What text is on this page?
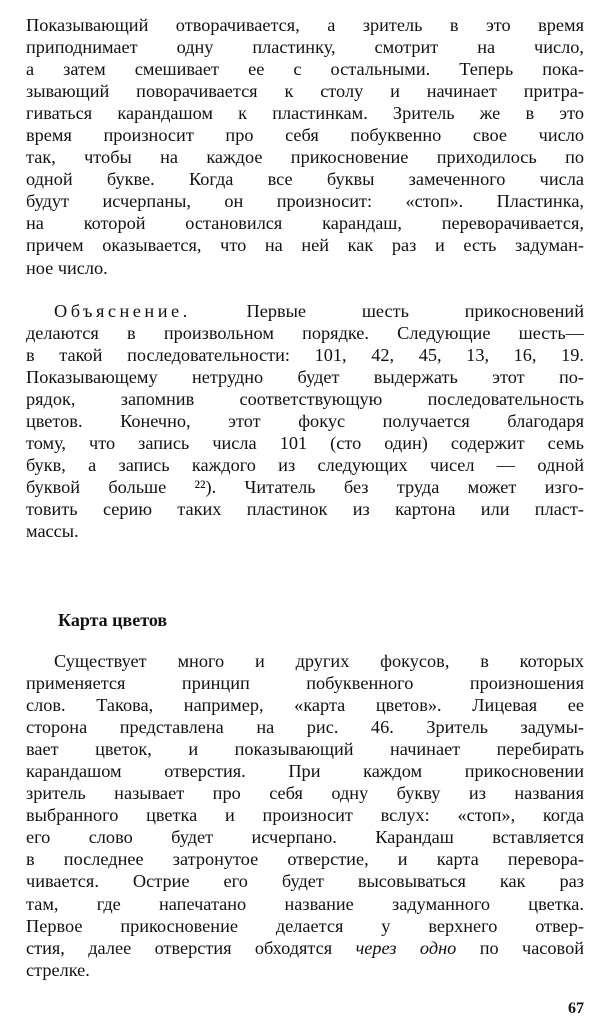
Показывающий отворачивается, а зритель в это время
приподнимает одну пластинку, смотрит на число,
а затем смешивает ее с остальными. Теперь пока-
зывающий поворачивается к столу и начинает притра-
гиваться карандашом к пластинкам. Зритель же в это
время произносит про себя побуквенно свое число
так, чтобы на каждое прикосновение приходилось по
одной букве. Когда все буквы замеченного числа
будут исчерпаны, он произносит: «стоп». Пластинка,
на которой остановился карандаш, переворачивается,
причем оказывается, что на ней как раз и есть задуман-
ное число.
Объяснение.	Первые шесть прикосновений
делаются в произвольном порядке. Следующие шесть—
в такой последовательности: 101, 42, 45, 13, 16, 19.
Показывающему нетрудно будет выдержать этот по-
рядок, запомнив соответствующую последовательность
цветов. Конечно, этот фокус получается благодаря
тому, что запись числа 101 (сто один) содержит семь
букв, а запись каждого из следующих чисел — одной
буквой больше ²²). Читатель без труда может изго-
товить серию таких пластинок из картона или пласт-
массы.
Карта цветов
Существует много и других фокусов, в которых
применяется принцип побуквенного произношения
слов. Такова, например, «карта цветов». Лицевая ее
сторона представлена на рис. 46. Зритель задумы-
вает цветок, и показывающий начинает перебирать
карандашом отверстия. При каждом прикосновении
зритель называет про себя одну букву из названия
выбранного цветка и произносит вслух: «стоп», когда
его слово будет исчерпано. Карандаш вставляется
в последнее затронутое отверстие, и карта перевора-
чивается. Острие его будет высовываться как раз
там, где напечатано название задуманного цветка.
Первое прикосновение делается у верхнего отвер-
стия, далее отверстия обходятся через одно по часовой
стрелке.
67
